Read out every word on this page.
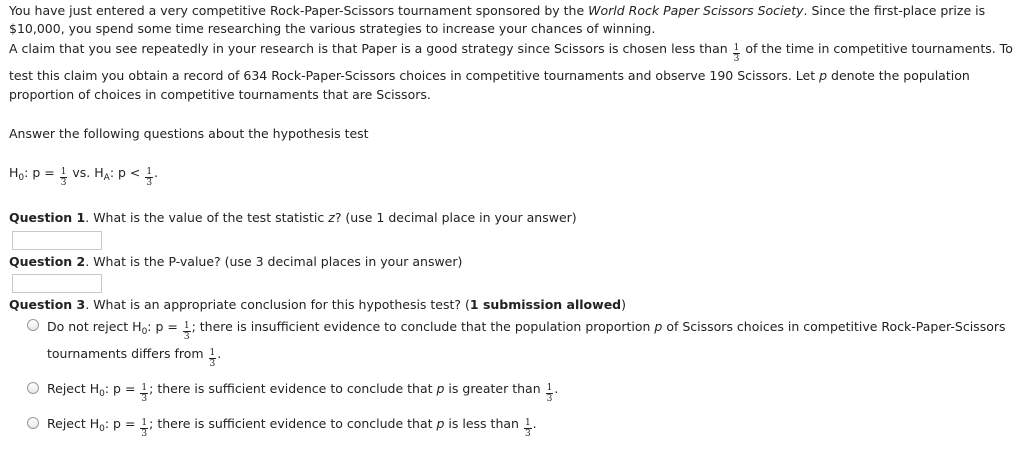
You have just entered a very competitive Rock-Paper-Scissors tournament sponsored by the World Rock Paper Scissors Society. Since the first-place prize is
$10,000, you spend some time researching the various strategies to increase your chances of winning.
A claim that you see repeatedly in your research is that Paper is a good strategy since Scissors is chosen less than $\frac{1}{3}$ of the time in competitive tournaments. To
test this claim you obtain a record of 634 Rock-Paper-Scissors choices in competitive tournaments and observe 190 Scissors. Let p denote the population
proportion of choices in competitive tournaments that are Scissors.
Answer the following questions about the hypothesis test
$H_0$: $p = \frac{1}{3}$ vs. $H_A$: $p < \frac{1}{3}$ .
Question 1. What is the value of the test statistic z? (use 1 decimal place in your answer)
Question 2. What is the P-value? (use 3 decimal places in your answer)
Question 3. What is an appropriate conclusion for this hypothesis test? (1 submission allowed)
Do not reject $H_0$: $p = \frac{1}{3}$ ; there is insufficient evidence to conclude that the population proportion p of Scissors choices in competitive Rock-Paper-Scissors
tournaments differs from $\frac{1}{3}$ .
Reject $H_0$: $p = \frac{1}{3}$ ; there is sufficient evidence to conclude that p is greater than $\frac{1}{3}$ .
Reject $H_0$: $p = \frac{1}{3}$ ; there is sufficient evidence to conclude that p is less than $\frac{1}{3}$ .
